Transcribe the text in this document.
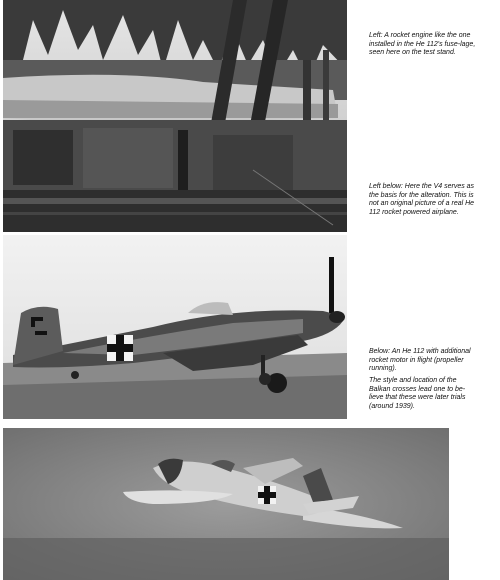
Left: A rocket engine like the one installed in the He 112's fuse-lage, seen here on the test stand.

Left below: Here the V4 serves as the basis for the alteration. This is not an original picture of a real He 112 rocket powered airplane.

Below: An He 112 with additional rocket motor in flight (propeller running).

The style and location of the Balkan crosses lead one to be-lieve that these were later trials (around 1939).
